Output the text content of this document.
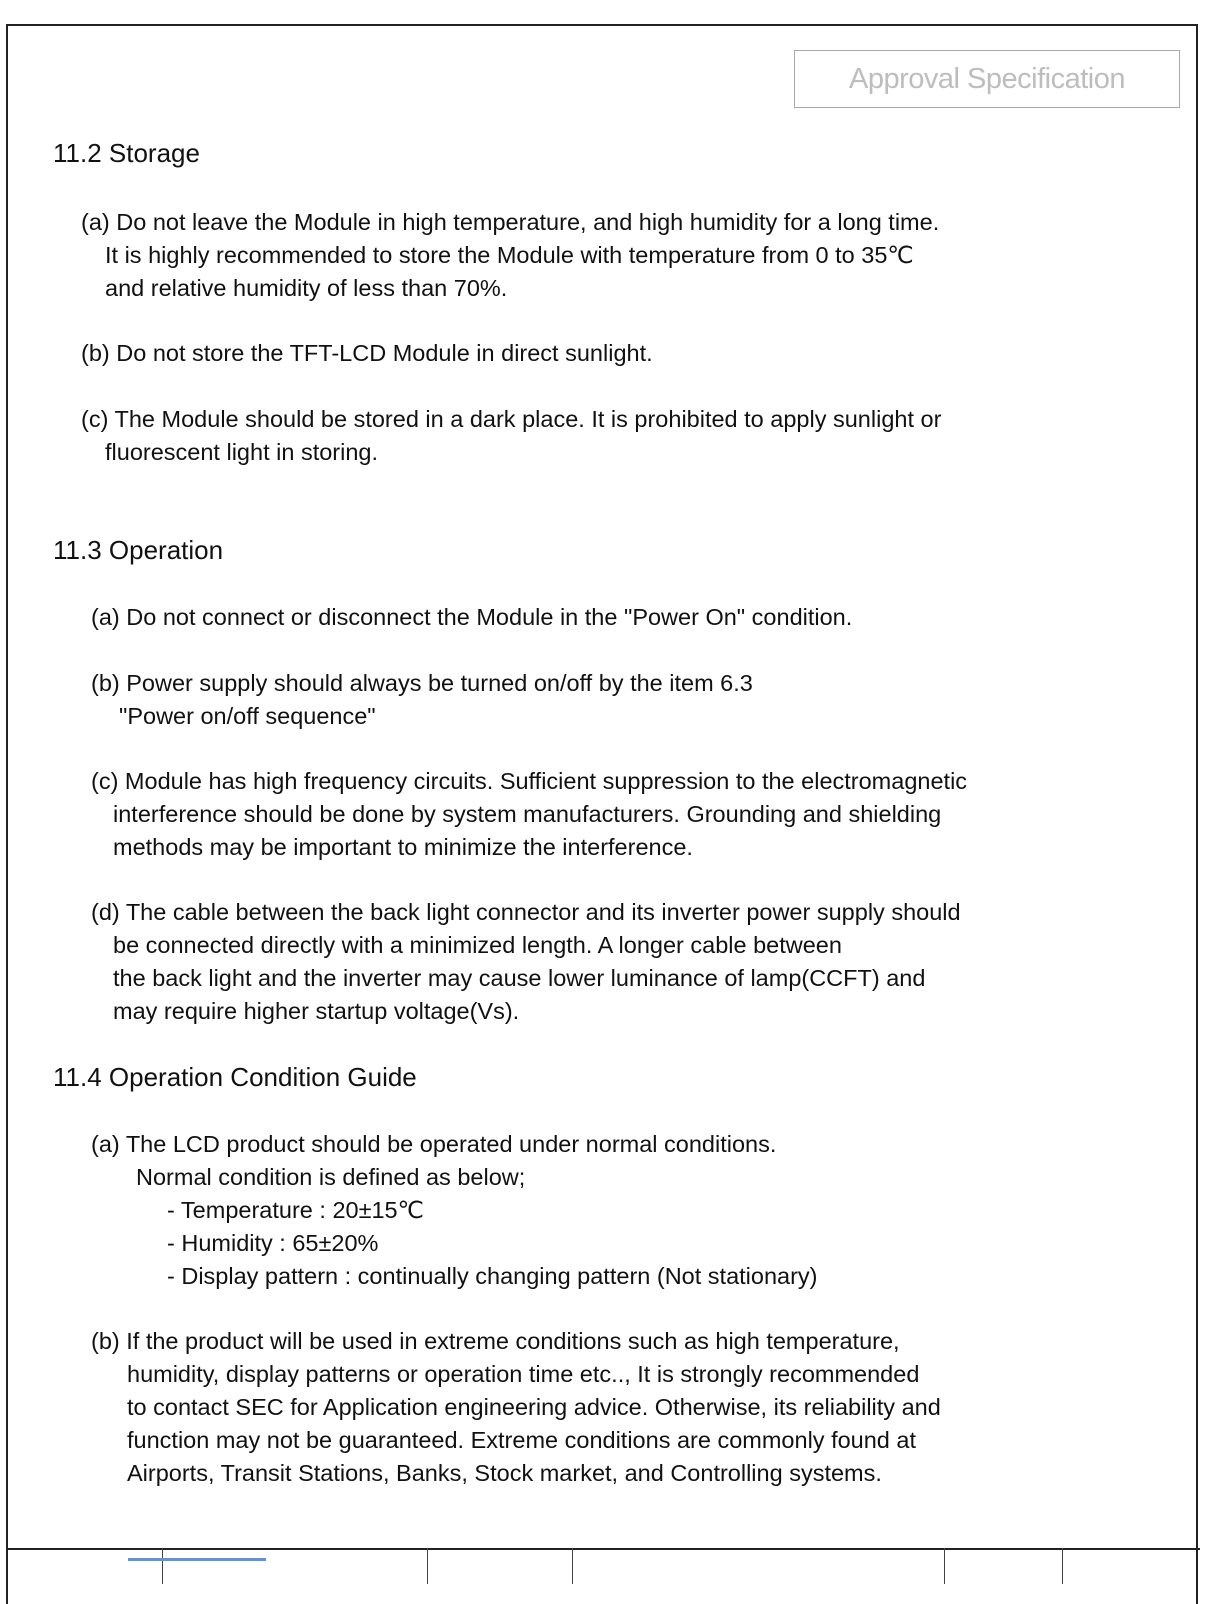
Approval Specification
11.2 Storage
(a) Do not leave the Module in high temperature, and high humidity for a long time.
It is highly recommended to store the Module with temperature from 0 to 35℃
and relative humidity of less than 70%.
(b) Do not store the TFT-LCD Module in direct sunlight.
(c) The Module should be stored in a dark place. It is prohibited to apply sunlight or
fluorescent light in storing.
11.3 Operation
(a) Do not connect or disconnect the Module in the "Power On" condition.
(b) Power supply should always be turned on/off by the item 6.3
"Power on/off sequence"
(c) Module has high frequency circuits. Sufficient suppression to the electromagnetic
interference should be done by system manufacturers. Grounding and shielding
methods may be important to minimize the interference.
(d) The cable between the back light connector and its inverter power supply should
be connected directly with a minimized length. A longer cable between
the back light and the inverter may cause lower luminance of lamp(CCFT) and
may require higher startup voltage(Vs).
11.4 Operation Condition Guide
(a) The LCD product should be operated under normal conditions.
Normal condition is defined as below;
- Temperature : 20±15℃
- Humidity : 65±20%
- Display pattern : continually changing pattern (Not stationary)
(b) If the product will be used in extreme conditions such as high temperature,
humidity, display patterns or operation time etc.., It is strongly recommended
to contact SEC for Application engineering advice. Otherwise, its reliability and
function may not be guaranteed. Extreme conditions are commonly found at
Airports, Transit Stations, Banks, Stock market, and Controlling systems.
